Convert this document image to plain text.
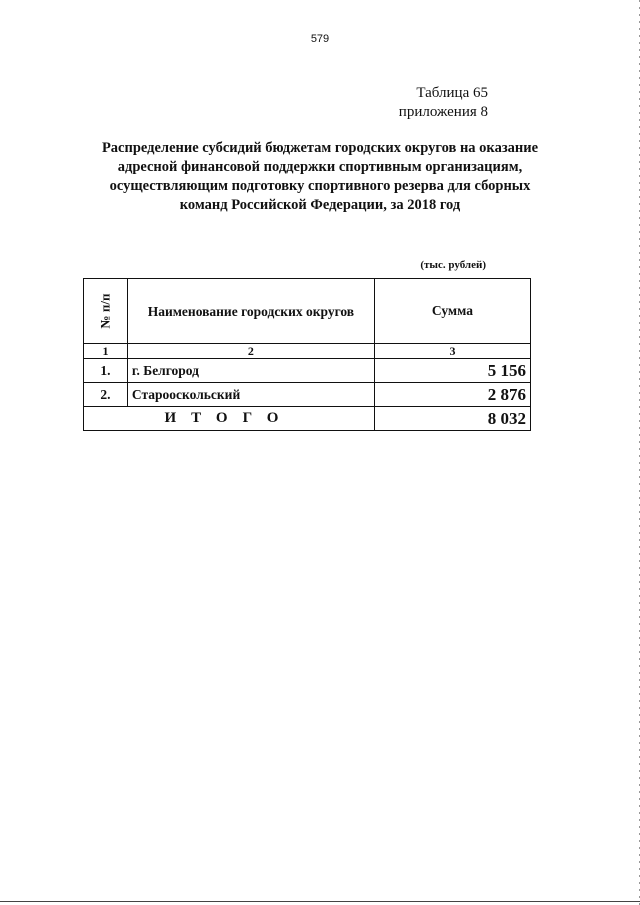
579
Таблица 65
приложения 8
Распределение субсидий бюджетам городских округов на оказание адресной финансовой поддержки спортивным организациям, осуществляющим подготовку спортивного резерва для сборных команд Российской Федерации, за 2018 год
(тыс. рублей)
№ п/п	Наименование городских округов	Сумма
1	2	3
1.	г. Белгород	5 156
2.	Старооскольский	2 876
ИТОГО		8 032
